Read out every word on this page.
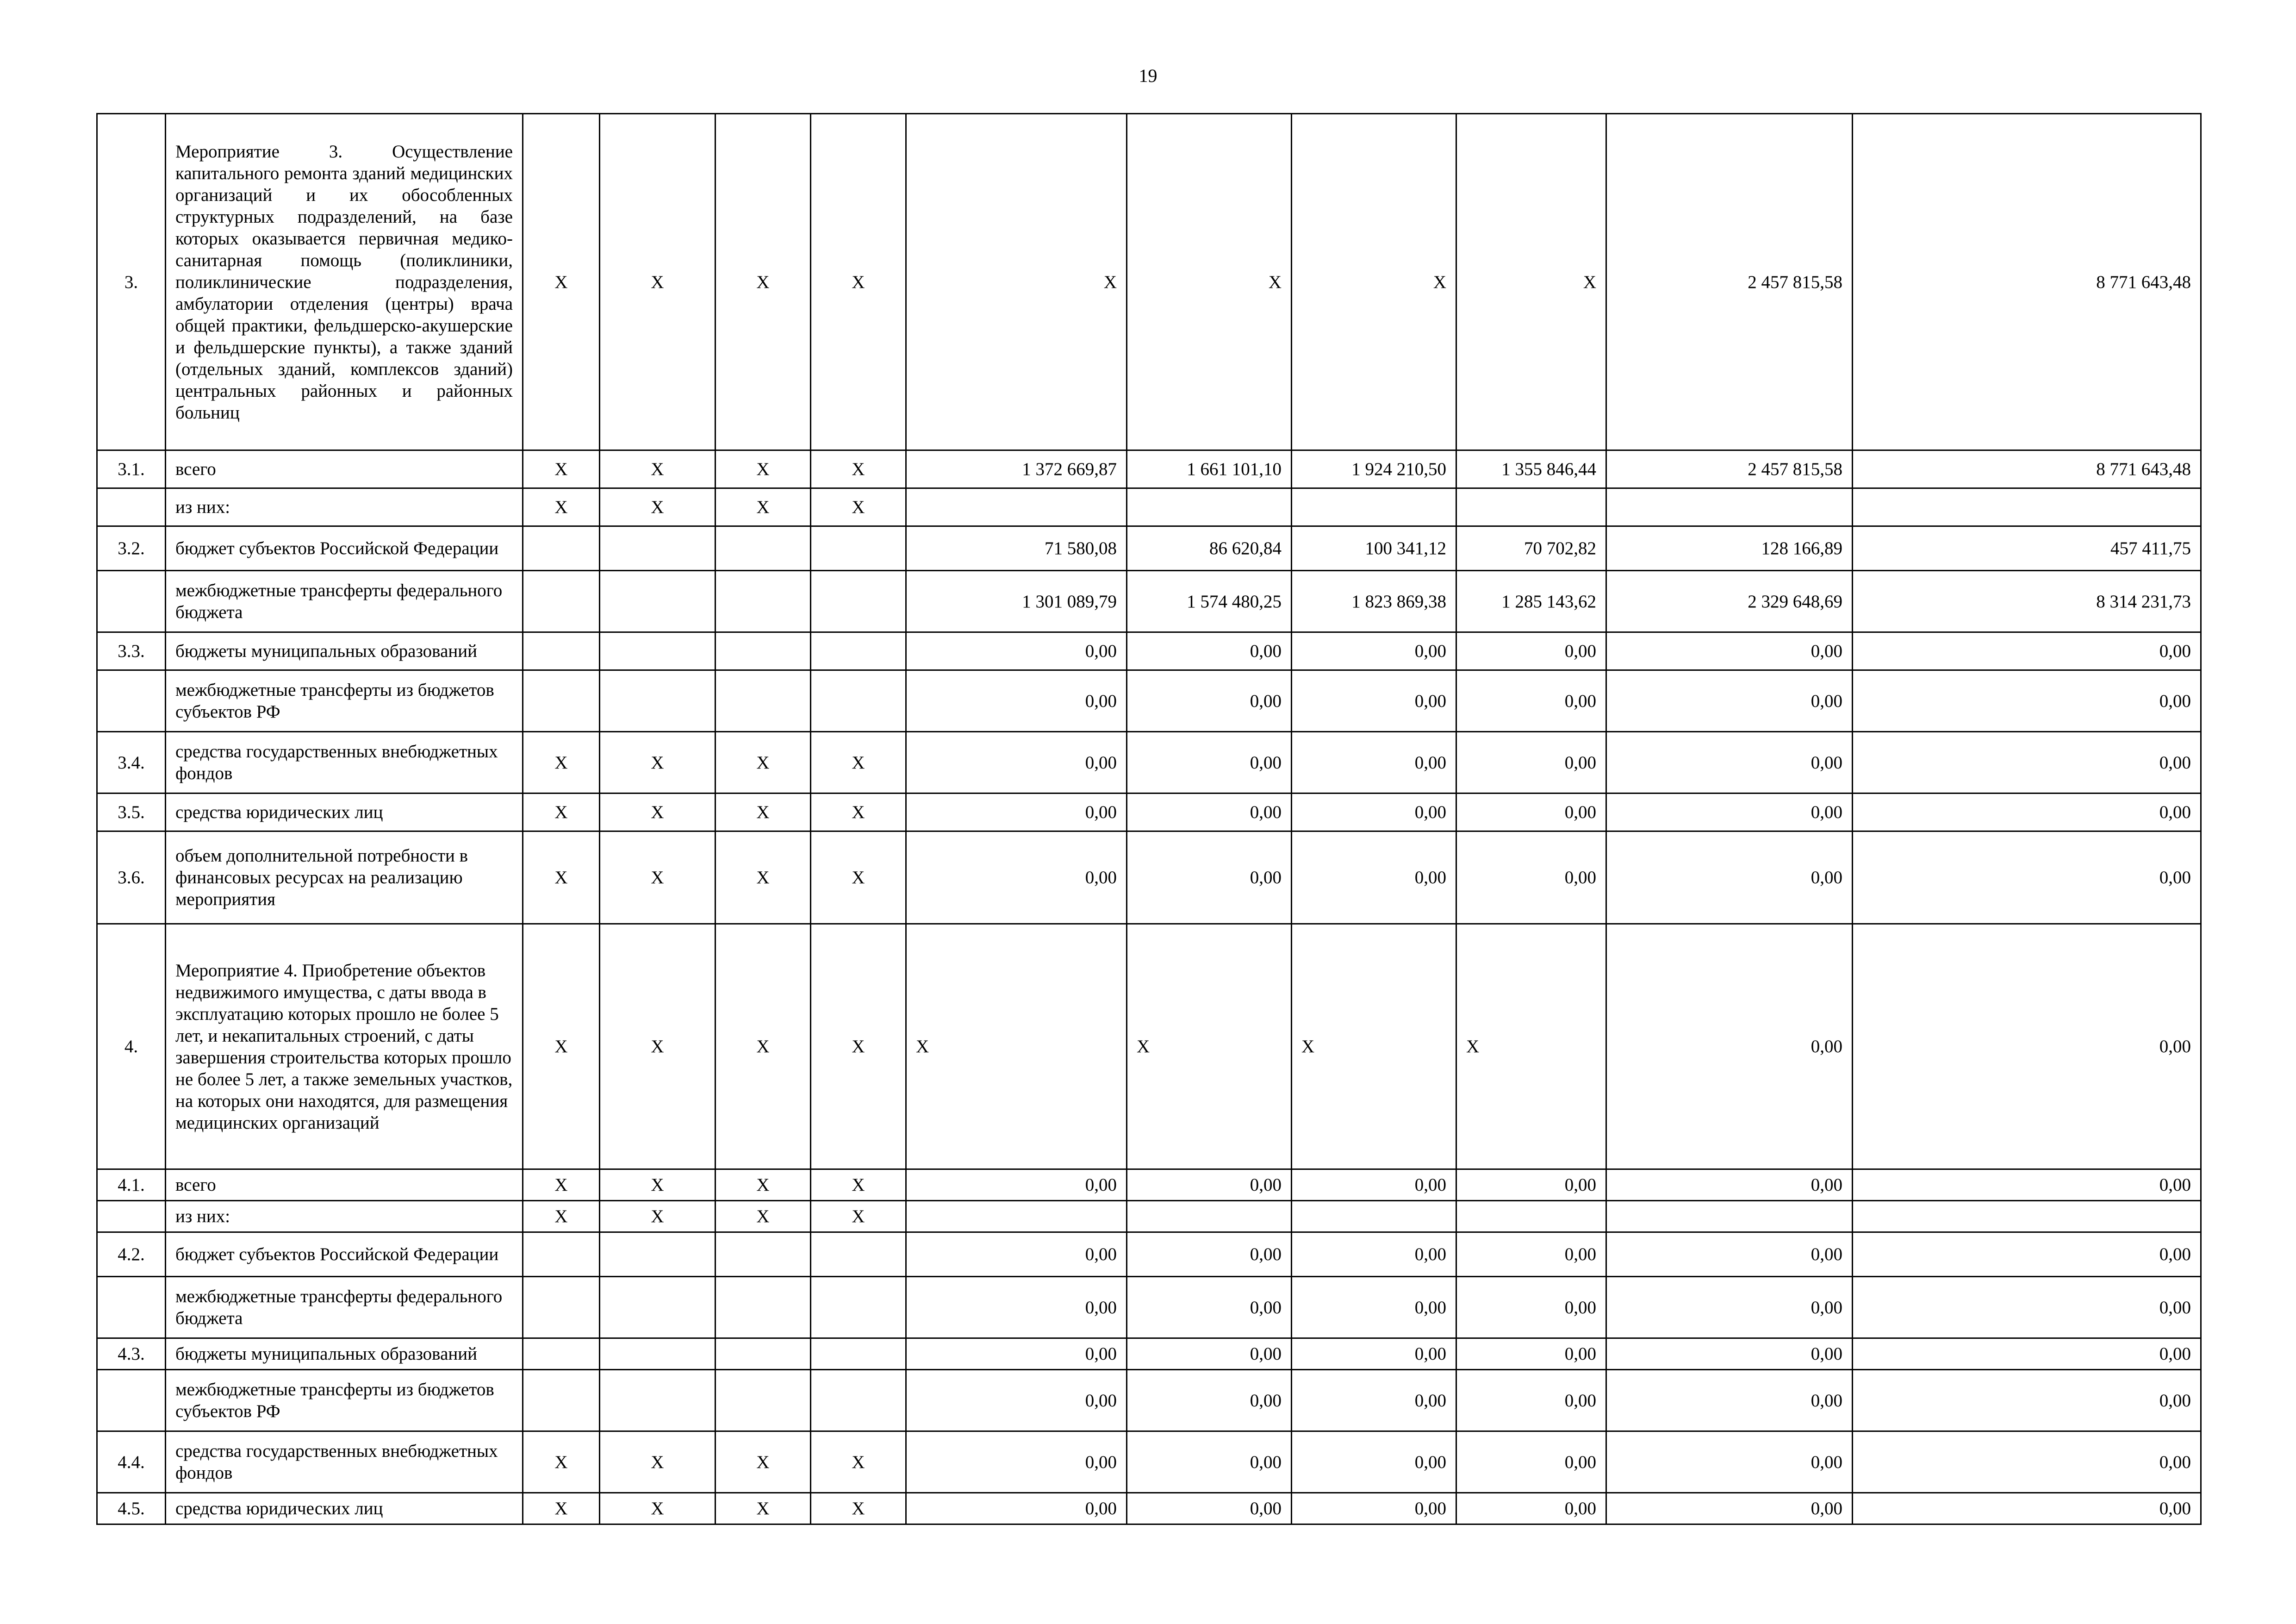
19
3.	Мероприятие 3. Осуществление капитального ремонта зданий медицинских организаций и их обособленных структурных подразделений, на базе которых оказывается первичная медико-санитарная помощь (поликлиники, поликлинические подразделения, амбулатории отделения (центры) врача общей практики, фельдшерско-акушерские и фельдшерские пункты), а также зданий (отдельных зданий, комплексов зданий) центральных районных и районных больниц	X	X	X	X	X	X	X	X	2 457 815,58	8 771 643,48
3.1.	всего	X	X	X	X	1 372 669,87	1 661 101,10	1 924 210,50	1 355 846,44	2 457 815,58	8 771 643,48
	из них:	X	X	X	X						
3.2.	бюджет субъектов Российской Федерации					71 580,08	86 620,84	100 341,12	70 702,82	128 166,89	457 411,75
	межбюджетные трансферты федерального бюджета					1 301 089,79	1 574 480,25	1 823 869,38	1 285 143,62	2 329 648,69	8 314 231,73
3.3.	бюджеты муниципальных образований					0,00	0,00	0,00	0,00	0,00	0,00
	межбюджетные трансферты из бюджетов субъектов РФ					0,00	0,00	0,00	0,00	0,00	0,00
3.4.	средства государственных внебюджетных фондов	X	X	X	X	0,00	0,00	0,00	0,00	0,00	0,00
3.5.	средства юридических лиц	X	X	X	X	0,00	0,00	0,00	0,00	0,00	0,00
3.6.	объем дополнительной потребности в финансовых ресурсах на реализацию мероприятия	X	X	X	X	0,00	0,00	0,00	0,00	0,00	0,00
4.	Мероприятие 4. Приобретение объектов недвижимого имущества, с даты ввода в эксплуатацию которых прошло не более 5 лет, и некапитальных строений, с даты завершения строительства которых прошло не более 5 лет, а также земельных участков, на которых они находятся, для размещения медицинских организаций	X	X	X	X	X	X	X	X	0,00	0,00
4.1.	всего	X	X	X	X	0,00	0,00	0,00	0,00	0,00	0,00
	из них:	X	X	X	X						
4.2.	бюджет субъектов Российской Федерации					0,00	0,00	0,00	0,00	0,00	0,00
	межбюджетные трансферты федерального бюджета					0,00	0,00	0,00	0,00	0,00	0,00
4.3.	бюджеты муниципальных образований					0,00	0,00	0,00	0,00	0,00	0,00
	межбюджетные трансферты из бюджетов субъектов РФ					0,00	0,00	0,00	0,00	0,00	0,00
4.4.	средства государственных внебюджетных фондов	X	X	X	X	0,00	0,00	0,00	0,00	0,00	0,00
4.5.	средства юридических лиц	X	X	X	X	0,00	0,00	0,00	0,00	0,00	0,00
